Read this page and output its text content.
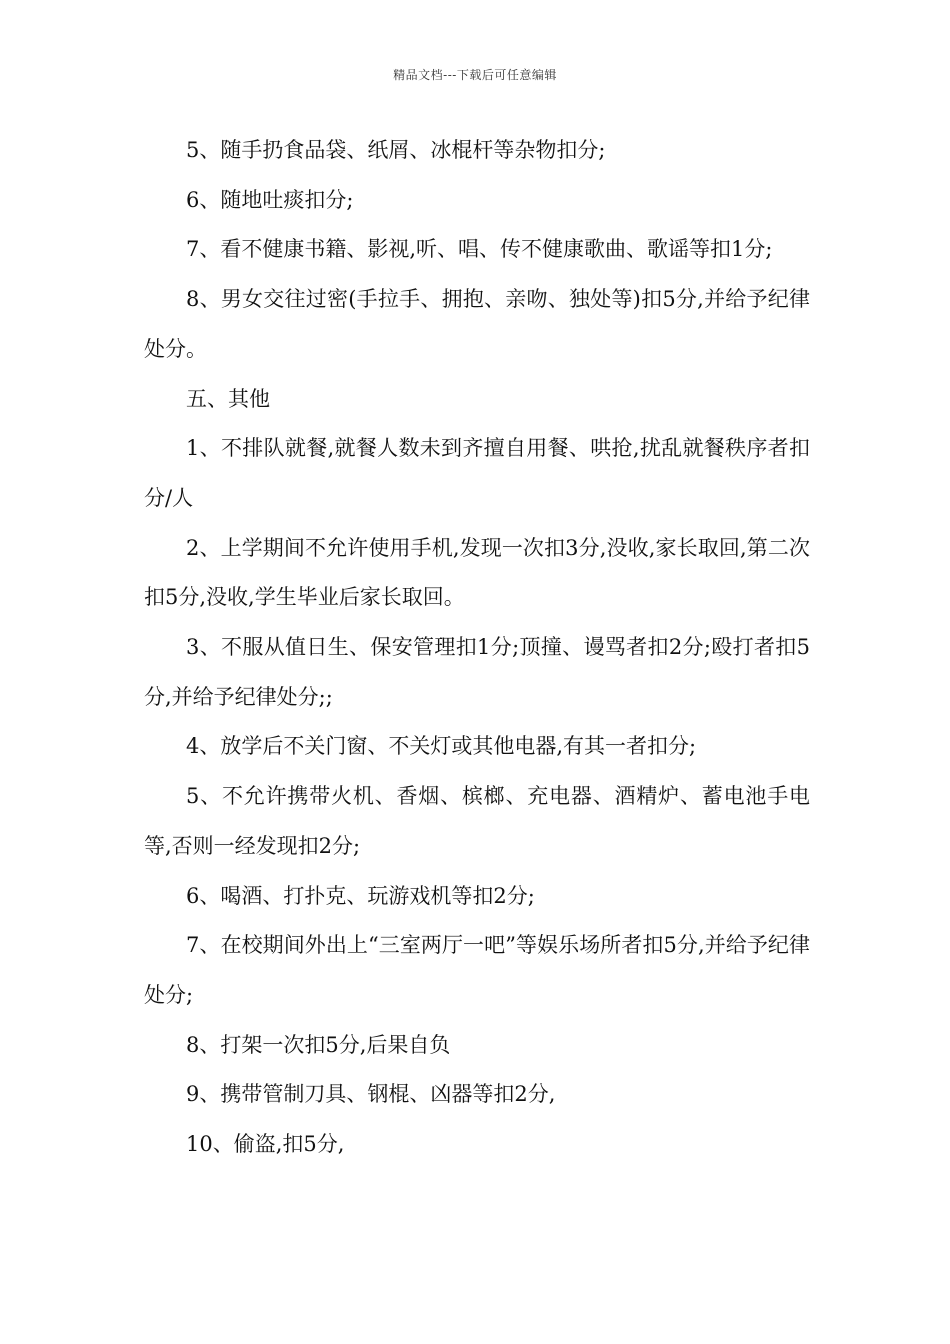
精品文档---下载后可任意编辑

5、随手扔食品袋、纸屑、冰棍杆等杂物扣分;

6、随地吐痰扣分;

7、看不健康书籍、影视,听、唱、传不健康歌曲、歌谣等扣1分;

8、男女交往过密(手拉手、拥抱、亲吻、独处等)扣5分,并给予纪律处分。

五、其他

1、不排队就餐,就餐人数未到齐擅自用餐、哄抢,扰乱就餐秩序者扣分/人

2、上学期间不允许使用手机,发现一次扣3分,没收,家长取回,第二次扣5分,没收,学生毕业后家长取回。

3、不服从值日生、保安管理扣1分;顶撞、谩骂者扣2分;殴打者扣5分,并给予纪律处分;;

4、放学后不关门窗、不关灯或其他电器,有其一者扣分;

5、不允许携带火机、香烟、槟榔、充电器、酒精炉、蓄电池手电等,否则一经发现扣2分;

6、喝酒、打扑克、玩游戏机等扣2分;

7、在校期间外出上“三室两厅一吧”等娱乐场所者扣5分,并给予纪律处分;

8、打架一次扣5分,后果自负

9、携带管制刀具、钢棍、凶器等扣2分,

10、偷盗,扣5分,
